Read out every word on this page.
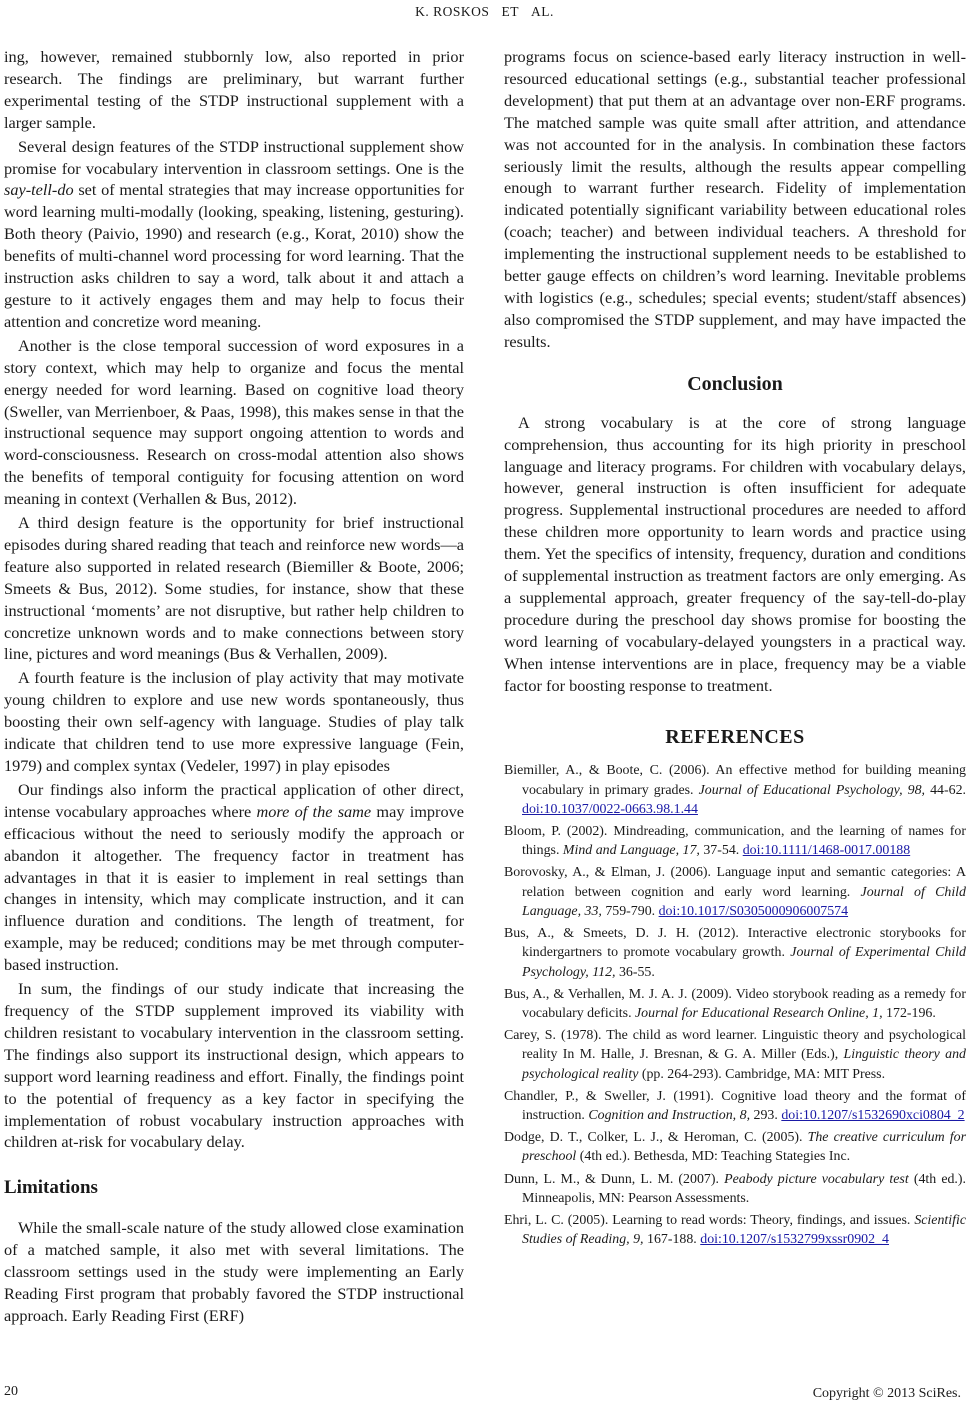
K. ROSKOS ET AL.

ing, however, remained stubbornly low, also reported in prior research. The findings are preliminary, but warrant further experimental testing of the STDP instructional supplement with a larger sample.

Several design features of the STDP instructional supplement show promise for vocabulary intervention in classroom settings. One is the say-tell-do set of mental strategies that may increase opportunities for word learning multi-modally (looking, speaking, listening, gesturing). Both theory (Paivio, 1990) and research (e.g., Korat, 2010) show the benefits of multi-channel word processing for word learning. That the instruction asks children to say a word, talk about it and attach a gesture to it actively engages them and may help to focus their attention and concretize word meaning.

Another is the close temporal succession of word exposures in a story context, which may help to organize and focus the mental energy needed for word learning. Based on cognitive load theory (Sweller, van Merrienboer, & Paas, 1998), this makes sense in that the instructional sequence may support ongoing attention to words and word-consciousness. Research on cross-modal attention also shows the benefits of temporal contiguity for focusing attention on word meaning in context (Verhallen & Bus, 2012).

A third design feature is the opportunity for brief instructional episodes during shared reading that teach and reinforce new words—a feature also supported in related research (Biemiller & Boote, 2006; Smeets & Bus, 2012). Some studies, for instance, show that these instructional ‘moments’ are not disruptive, but rather help children to concretize unknown words and to make connections between story line, pictures and word meanings (Bus & Verhallen, 2009).

A fourth feature is the inclusion of play activity that may motivate young children to explore and use new words spontaneously, thus boosting their own self-agency with language. Studies of play talk indicate that children tend to use more expressive language (Fein, 1979) and complex syntax (Vedeler, 1997) in play episodes

Our findings also inform the practical application of other direct, intense vocabulary approaches where more of the same may improve efficacious without the need to seriously modify the approach or abandon it altogether. The frequency factor in treatment has advantages in that it is easier to implement in real settings than changes in intensity, which may complicate instruction, and it can influence duration and conditions. The length of treatment, for example, may be reduced; conditions may be met through computer-based instruction.

In sum, the findings of our study indicate that increasing the frequency of the STDP supplement improved its viability with children resistant to vocabulary intervention in the classroom setting. The findings also support its instructional design, which appears to support word learning readiness and effort. Finally, the findings point to the potential of frequency as a key factor in specifying the implementation of robust vocabulary instruction approaches with children at-risk for vocabulary delay.

Limitations

While the small-scale nature of the study allowed close examination of a matched sample, it also met with several limitations. The classroom settings used in the study were implementing an Early Reading First program that probably favored the STDP instructional approach. Early Reading First (ERF)

programs focus on science-based early literacy instruction in well-resourced educational settings (e.g., substantial teacher professional development) that put them at an advantage over non-ERF programs. The matched sample was quite small after attrition, and attendance was not accounted for in the analysis. In combination these factors seriously limit the results, although the results appear compelling enough to warrant further research. Fidelity of implementation indicated potentially significant variability between educational roles (coach; teacher) and between individual teachers. A threshold for implementing the instructional supplement needs to be established to better gauge effects on children’s word learning. Inevitable problems with logistics (e.g., schedules; special events; student/staff absences) also compromised the STDP supplement, and may have impacted the results.

Conclusion

A strong vocabulary is at the core of strong language comprehension, thus accounting for its high priority in preschool language and literacy programs. For children with vocabulary delays, however, general instruction is often insufficient for adequate progress. Supplemental instructional procedures are needed to afford these children more opportunity to learn words and practice using them. Yet the specifics of intensity, frequency, duration and conditions of supplemental instruction as treatment factors are only emerging. As a supplemental approach, greater frequency of the say-tell-do-play procedure during the preschool day shows promise for boosting the word learning of vocabulary-delayed youngsters in a practical way. When intense interventions are in place, frequency may be a viable factor for boosting response to treatment.

REFERENCES

Biemiller, A., & Boote, C. (2006). An effective method for building meaning vocabulary in primary grades. Journal of Educational Psychology, 98, 44-62. doi:10.1037/0022-0663.98.1.44

Bloom, P. (2002). Mindreading, communication, and the learning of names for things. Mind and Language, 17, 37-54. doi:10.1111/1468-0017.00188

Borovosky, A., & Elman, J. (2006). Language input and semantic categories: A relation between cognition and early word learning. Journal of Child Language, 33, 759-790. doi:10.1017/S0305000906007574

Bus, A., & Smeets, D. J. H. (2012). Interactive electronic storybooks for kindergartners to promote vocabulary growth. Journal of Experimental Child Psychology, 112, 36-55.

Bus, A., & Verhallen, M. J. A. J. (2009). Video storybook reading as a remedy for vocabulary deficits. Journal for Educational Research Online, 1, 172-196.

Carey, S. (1978). The child as word learner. Linguistic theory and psychological reality In M. Halle, J. Bresnan, & G. A. Miller (Eds.), Linguistic theory and psychological reality (pp. 264-293). Cambridge, MA: MIT Press.

Chandler, P., & Sweller, J. (1991). Cognitive load theory and the format of instruction. Cognition and Instruction, 8, 293. doi:10.1207/s1532690xci0804_2

Dodge, D. T., Colker, L. J., & Heroman, C. (2005). The creative curriculum for preschool (4th ed.). Bethesda, MD: Teaching Stategies Inc.

Dunn, L. M., & Dunn, L. M. (2007). Peabody picture vocabulary test (4th ed.). Minneapolis, MN: Pearson Assessments.

Ehri, L. C. (2005). Learning to read words: Theory, findings, and issues. Scientific Studies of Reading, 9, 167-188. doi:10.1207/s1532799xssr0902_4

20	Copyright © 2013 SciRes.
